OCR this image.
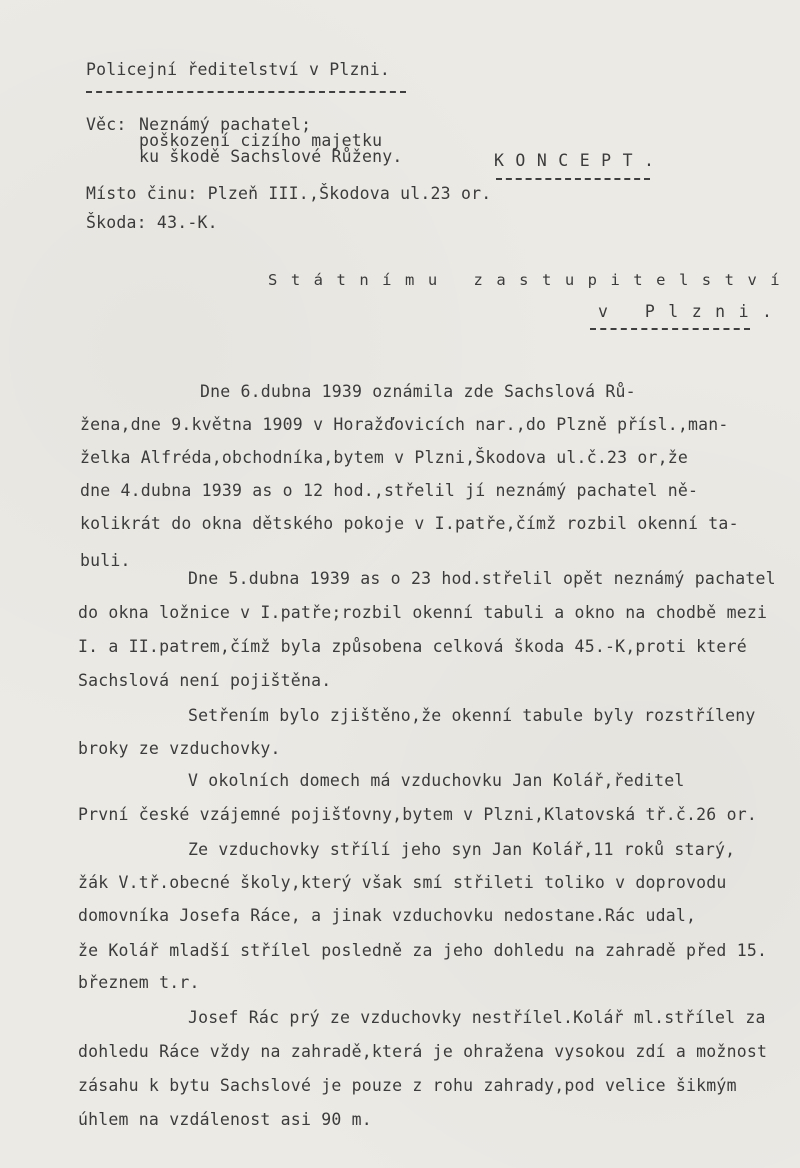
Policejní ředitelství v Plzni.
Věc: Neznámý pachatel;
poškození cizího majetku
ku škodě Sachslové Růženy.	KONCEPT.
Místo činu: Plzeň III.,Škodova ul.23 or.
Škoda: 43.-K.
Státnímu zastupitelství
v Plzni.
Dne 6.dubna 1939 oznámila zde Sachslová Rů-
žena,dne 9.května 1909 v Horažďovicích nar.,do Plzně přísl.,man-
želka Alfréda,obchodníka,bytem v Plzni,Škodova ul.č.23 or,že
dne 4.dubna 1939 as o 12 hod.,střelil jí neznámý pachatel ně-
kolikrát do okna dětského pokoje v I.patře,čímž rozbil okenní ta-
buli.
Dne 5.dubna 1939 as o 23 hod.střelil opět neznámý pachatel
do okna ložnice v I.patře;rozbil okenní tabuli a okno na chodbě mezi
I. a II.patrem,čímž byla způsobena celková škoda 45.-K,proti které
Sachslová není pojištěna.
Setřením bylo zjištěno,že okenní tabule byly rozstříleny
broky ze vzduchovky.
V okolních domech má vzduchovku Jan Kolář,ředitel
První české vzájemné pojišťovny,bytem v Plzni,Klatovská tř.č.26 or.
Ze vzduchovky střílí jeho syn Jan Kolář,11 roků starý,
žák V.tř.obecné školy,který však smí střileti toliko v doprovodu
domovníka Josefa Ráce, a jinak vzduchovku nedostane.Rác udal,
že Kolář mladší střílel posledně za jeho dohledu na zahradě před 15.
březnem t.r.
Josef Rác prý ze vzduchovky nestřílel.Kolář ml.střílel za
dohledu Ráce vždy na zahradě,která je ohražena vysokou zdí a možnost
zásahu k bytu Sachslové je pouze z rohu zahrady,pod velice šikmým
úhlem na vzdálenost asi 90 m.
